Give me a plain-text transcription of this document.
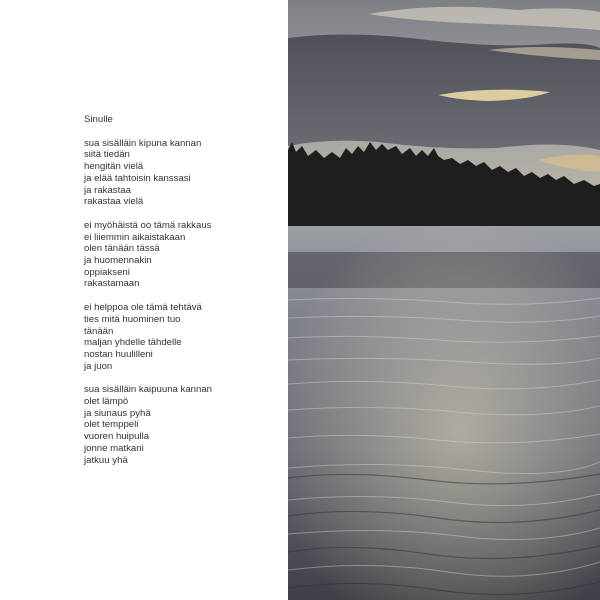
Sinulle
sua sisälläin kipuna kannan
siitä tiedän
hengitän vielä
ja elää tahtoisin kanssasi
ja rakastaa
rakastaa vielä
ei myöhäistä oo tämä rakkaus
ei liiemmin aikaistakaan
olen tänään tässä
ja huomennakin
oppiakseni
rakastamaan
ei helppoa ole tämä tehtävä
ties mitä huominen tuo
tänään
maljan yhdelle tähdelle
nostan huulilleni
ja juon
sua sisälläin kaipuuna kannan
olet lämpö
ja siunaus pyhä
olet temppeli
vuoren huipulla
jonne matkani
jatkuu yhä
